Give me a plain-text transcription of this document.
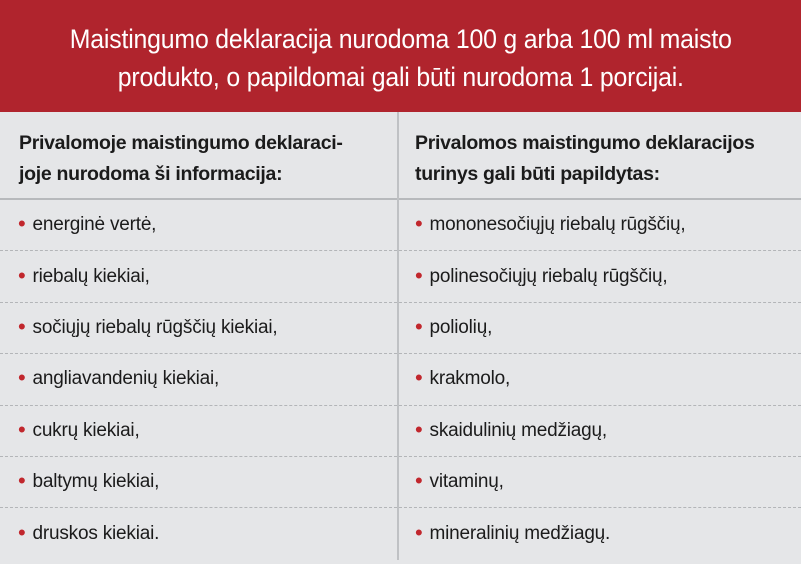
Maistingumo deklaracija nurodoma 100 g arba 100 ml maisto
produkto, o papildomai gali būti nurodoma 1 porcijai.
Privalomoje maistingumo deklaraci-
joje nurodoma ši informacija:
• energinė vertė,
• riebalų kiekiai,
• sočiųjų riebalų rūgščių kiekiai,
• angliavandenių kiekiai,
• cukrų kiekiai,
• baltymų kiekiai,
• druskos kiekiai.
Privalomos maistingumo deklaracijos
turinys gali būti papildytas:
• mononesočiųjų riebalų rūgščių,
• polinesočiųjų riebalų rūgščių,
• poliolių,
• krakmolo,
• skaidulinių medžiagų,
• vitaminų,
• mineralinių medžiagų.
